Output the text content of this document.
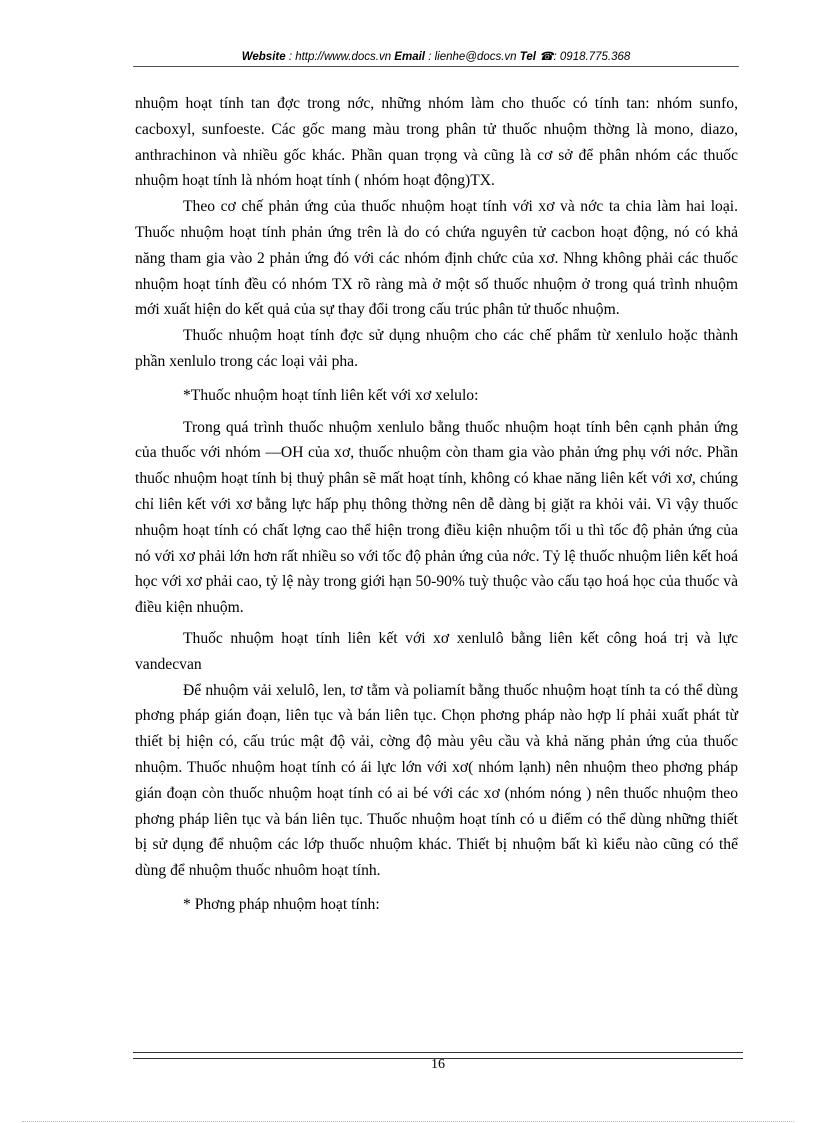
Website : http://www.docs.vn Email : lienhe@docs.vn Tel ☎: 0918.775.368

nhuộm hoạt tính tan đợc trong nớc, những nhóm làm cho thuốc có tính tan: nhóm sunfo, cacboxyl, sunfoeste. Các gốc mang màu trong phân tử thuốc nhuộm thờng là mono, diazo, anthrachinon và nhiều gốc khác. Phần quan trọng và cũng là cơ sở để phân nhóm các thuốc nhuộm hoạt tính là nhóm hoạt tính ( nhóm hoạt động)TX.

Theo cơ chế phản ứng của thuốc nhuộm hoạt tính với xơ và nớc ta chia làm hai loại. Thuốc nhuộm hoạt tính phản ứng trên là do có chứa nguyên tử cacbon hoạt động, nó có khả năng tham gia vào 2 phản ứng đó với các nhóm định chức của xơ. Nhng không phải các thuốc nhuộm hoạt tính đều có nhóm TX rõ ràng mà ở một số thuốc nhuộm ở trong quá trình nhuộm mới xuất hiện do kết quả của sự thay đổi trong cấu trúc phân tử thuốc nhuộm.

Thuốc nhuộm hoạt tính đợc sử dụng nhuộm cho các chế phẩm từ xenlulo hoặc thành phần xenlulo trong các loại vải pha.

*Thuốc nhuộm hoạt tính liên kết với xơ xelulo:

Trong quá trình thuốc nhuộm xenlulo bằng thuốc nhuộm hoạt tính bên cạnh phản ứng của thuốc với nhóm —OH của xơ, thuốc nhuộm còn tham gia vào phản ứng phụ với nớc. Phần thuốc nhuộm hoạt tính bị thuỷ phân sẽ mất hoạt tính, không có khae năng liên kết với xơ, chúng chỉ liên kết với xơ bằng lực hấp phụ thông thờng nên dễ dàng bị giặt ra khỏi vải. Vì vậy thuốc nhuộm hoạt tính có chất lợng cao thể hiện trong điều kiện nhuộm tối u thì tốc độ phản ứng của nó với xơ phải lớn hơn rất nhiều so với tốc độ phản ứng của nớc. Tỷ lệ thuốc nhuộm liên kết hoá học với xơ phải cao, tỷ lệ này trong giới hạn 50-90% tuỳ thuộc vào cấu tạo hoá học của thuốc và điều kiện nhuộm.

Thuốc nhuộm hoạt tính liên kết với xơ xenlulô bằng liên kết công hoá trị và lực vandecvan

Để nhuộm vải xelulô, len, tơ tằm và poliamít bằng thuốc nhuộm hoạt tính ta có thể dùng phơng pháp gián đoạn, liên tục và bán liên tục. Chọn phơng pháp nào hợp lí phải xuất phát từ thiết bị hiện có, cấu trúc mật độ vải, cờng độ màu yêu cầu và khả năng phản ứng của thuốc nhuộm. Thuốc nhuộm hoạt tính có ái lực lớn với xơ( nhóm lạnh) nên nhuộm theo phơng pháp gián đoạn còn thuốc nhuộm hoạt tính có ai bé với các xơ (nhóm nóng ) nên thuốc nhuộm theo phơng pháp liên tục và bán liên tục. Thuốc nhuộm hoạt tính có u điểm có thể dùng những thiết bị sử dụng để nhuộm các lớp thuốc nhuộm khác. Thiết bị nhuộm bất kì kiểu nào cũng có thể dùng để nhuộm thuốc nhuôm hoạt tính.

* Phơng pháp nhuộm hoạt tính:

16
